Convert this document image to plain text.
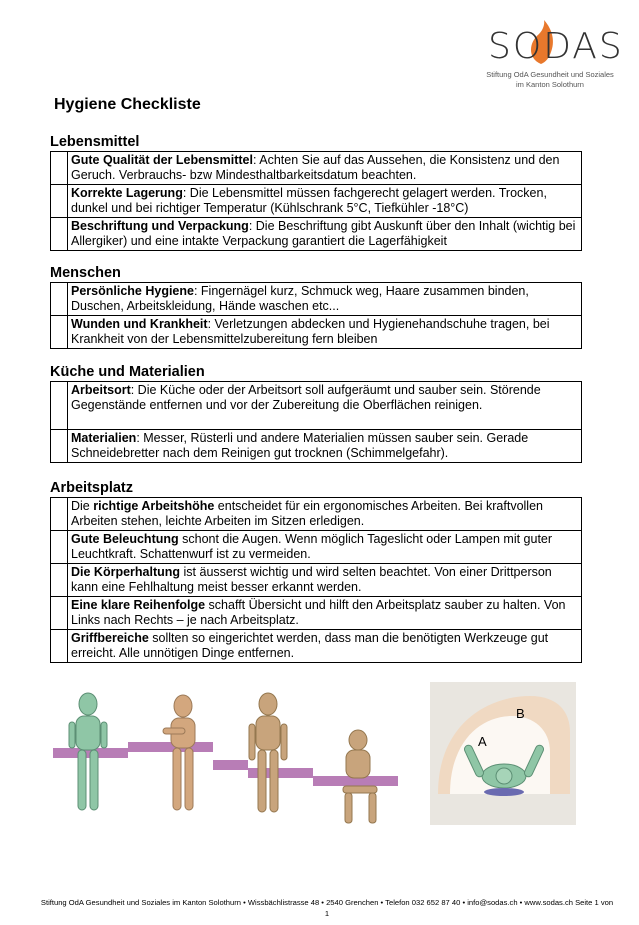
SODAS
Stiftung OdA Gesundheit und Soziales
im Kanton Solothurn
Hygiene Checkliste
Lebensmittel
	Gute Qualität der Lebensmittel: Achten Sie auf das Aussehen, die Konsistenz und den Geruch. Verbrauchs- bzw Mindesthaltbarkeitsdatum beachten.
	Korrekte Lagerung: Die Lebensmittel müssen fachgerecht gelagert werden. Trocken, dunkel und bei richtiger Temperatur (Kühlschrank 5°C, Tiefkühler -18°C)
	Beschriftung und Verpackung: Die Beschriftung gibt Auskunft über den Inhalt (wichtig bei Allergiker) und eine intakte Verpackung garantiert die Lagerfähigkeit
Menschen
	Persönliche Hygiene: Fingernägel kurz, Schmuck weg, Haare zusammen binden, Duschen, Arbeitskleidung, Hände waschen etc...
	Wunden und Krankheit: Verletzungen abdecken und Hygienehandschuhe tragen, bei Krankheit von der Lebensmittelzubereitung fern bleiben
Küche und Materialien
	Arbeitsort: Die Küche oder der Arbeitsort soll aufgeräumt und sauber sein. Störende Gegenstände entfernen und vor der Zubereitung die Oberflächen reinigen.
	Materialien: Messer, Rüsterli und andere Materialien müssen sauber sein. Gerade Schneidebretter nach dem Reinigen gut trocknen (Schimmelgefahr).
Arbeitsplatz
	Die richtige Arbeitshöhe entscheidet für ein ergonomisches Arbeiten. Bei kraftvollen Arbeiten stehen, leichte Arbeiten im Sitzen erledigen.
	Gute Beleuchtung schont die Augen. Wenn möglich Tageslicht oder Lampen mit guter Leuchtkraft. Schattenwurf ist zu vermeiden.
	Die Körperhaltung ist äusserst wichtig und wird selten beachtet. Von einer Drittperson kann eine Fehlhaltung meist besser erkannt werden.
	Eine klare Reihenfolge schafft Übersicht und hilft den Arbeitsplatz sauber zu halten. Von Links nach Rechts – je nach Arbeitsplatz.
	Griffbereiche sollten so eingerichtet werden, dass man die benötigten Werkzeuge gut erreicht. Alle unnötigen Dinge entfernen.
B
A
Stiftung OdA Gesundheit und Soziales im Kanton Solothurn • Wissbächlistrasse 48 • 2540 Grenchen • Telefon 032 652 87 40 • info@sodas.ch • www.sodas.ch Seite 1 von
1
